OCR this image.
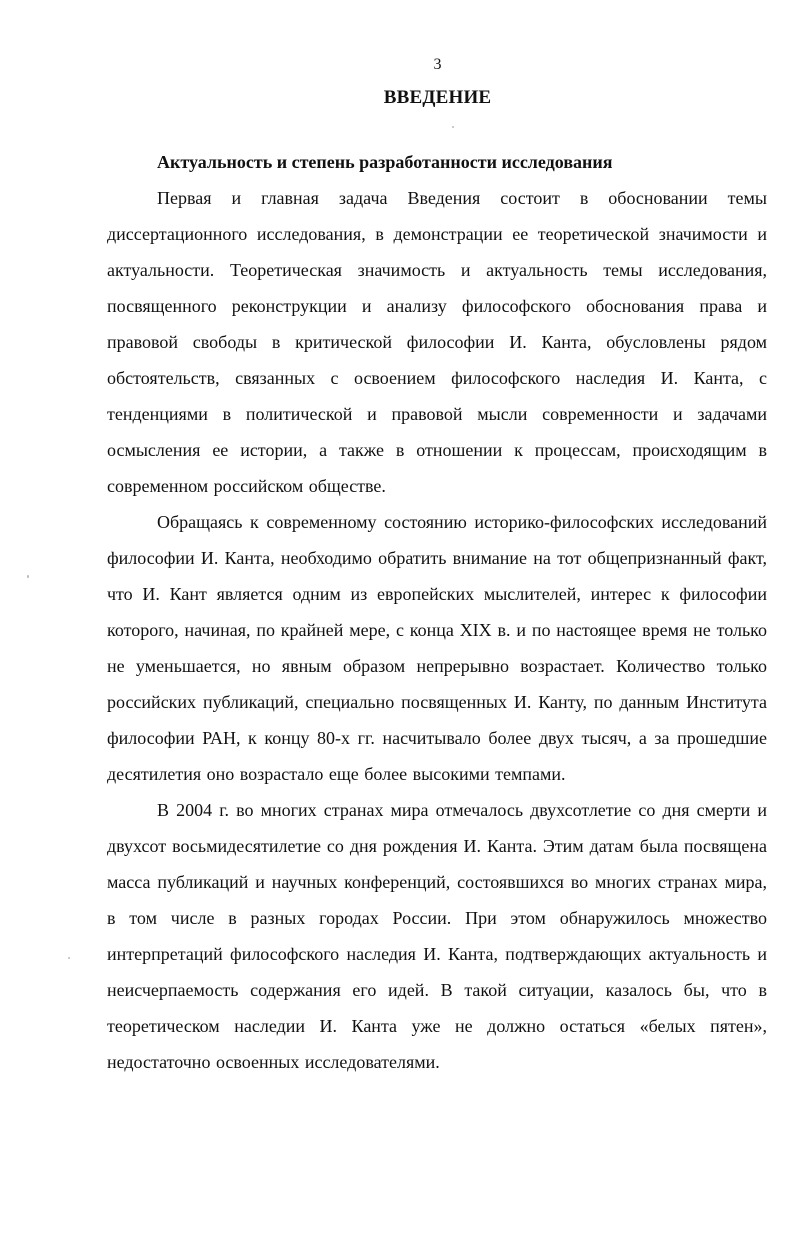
3
ВВЕДЕНИЕ
Актуальность и степень разработанности исследования

Первая и главная задача Введения состоит в обосновании темы диссертационного исследования, в демонстрации ее теоретической значимости и актуальности. Теоретическая значимость и актуальность темы исследования, посвященного реконструкции и анализу философского обоснования права и правовой свободы в критической философии И. Канта, обусловлены рядом обстоятельств, связанных с освоением философского наследия И. Канта, с тенденциями в политической и правовой мысли современности и задачами осмысления ее истории, а также в отношении к процессам, происходящим в современном российском обществе.

Обращаясь к современному состоянию историко-философских исследований философии И. Канта, необходимо обратить внимание на тот общепризнанный факт, что И. Кант является одним из европейских мыслителей, интерес к философии которого, начиная, по крайней мере, с конца XIX в. и по настоящее время не только не уменьшается, но явным образом непрерывно возрастает. Количество только российских публикаций, специально посвященных И. Канту, по данным Института философии РАН, к концу 80-х гг. насчитывало более двух тысяч, а за прошедшие десятилетия оно возрастало еще более высокими темпами.

В 2004 г. во многих странах мира отмечалось двухсотлетие со дня смерти и двухсот восьмидесятилетие со дня рождения И. Канта. Этим датам была посвящена масса публикаций и научных конференций, состоявшихся во многих странах мира, в том числе в разных городах России. При этом обнаружилось множество интерпретаций философского наследия И. Канта, подтверждающих актуальность и неисчерпаемость содержания его идей. В такой ситуации, казалось бы, что в теоретическом наследии И. Канта уже не должно остаться «белых пятен», недостаточно освоенных исследователями.
